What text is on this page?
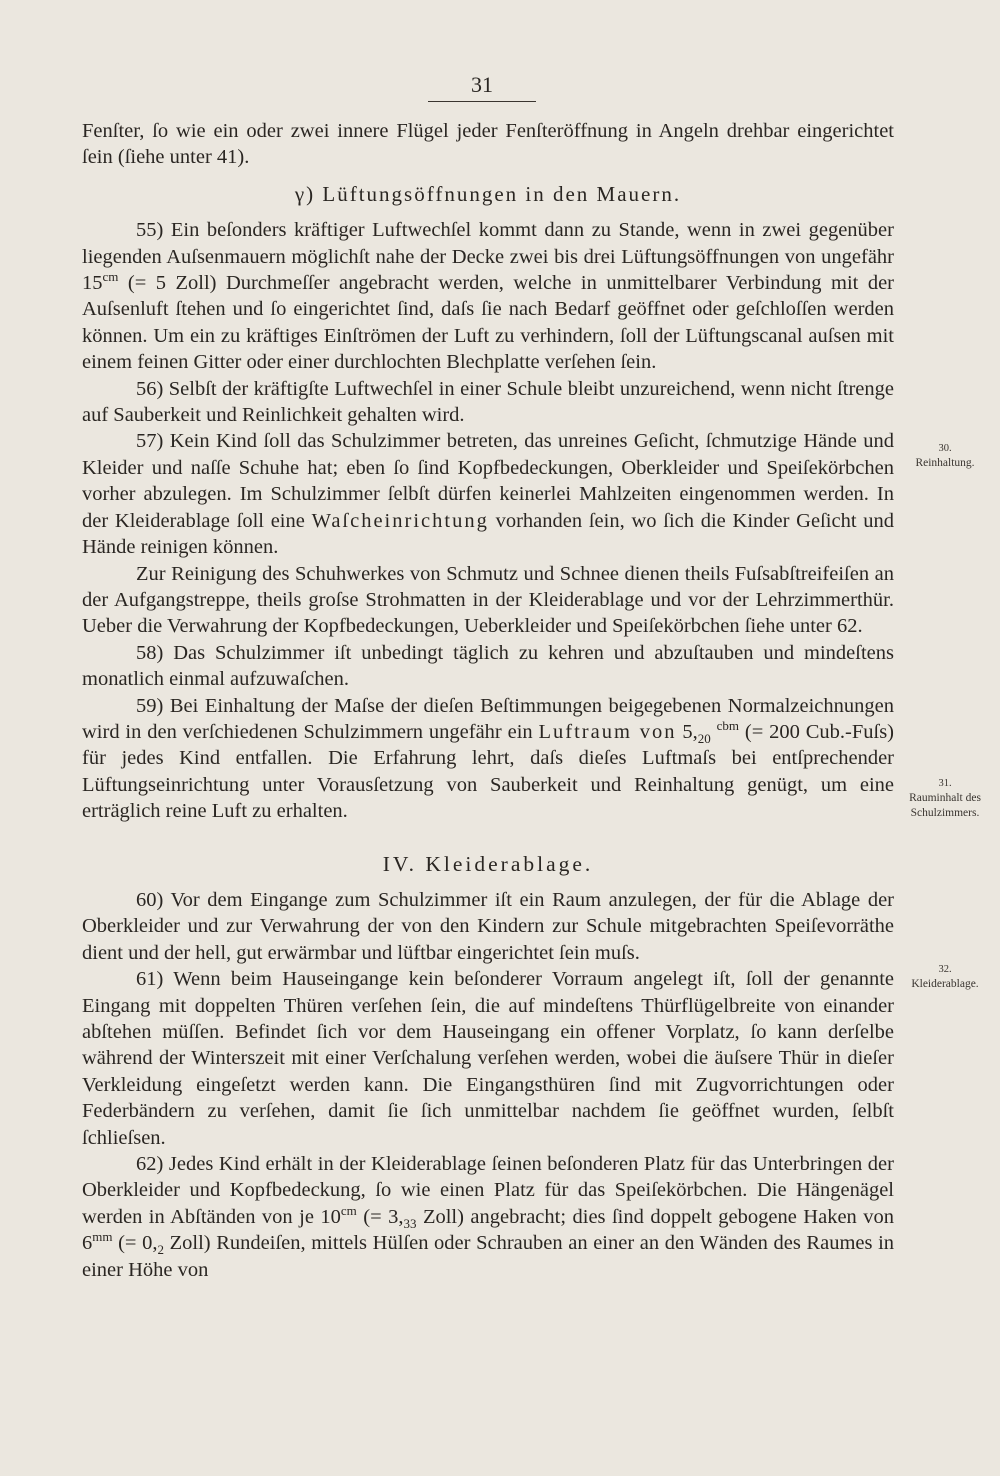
31
30.
Reinhaltung.
31.
Rauminhalt des Schulzimmers.
32.
Kleiderablage.

Fenſter, ſo wie ein oder zwei innere Flügel jeder Fenſteröffnung in Angeln drehbar eingerichtet ſein (ſiehe unter 41).

γ) Lüftungsöffnungen in den Mauern.

55) Ein beſonders kräftiger Luftwechſel kommt dann zu Stande, wenn in zwei gegenüber liegenden Auſsenmauern möglichſt nahe der Decke zwei bis drei Lüftungsöffnungen von ungefähr $15^{cm}$ (= 5 Zoll) Durchmeſſer angebracht werden, welche in unmittelbarer Verbindung mit der Auſsenluft ſtehen und ſo eingerichtet ſind, daſs ſie nach Bedarf geöffnet oder geſchloſſen werden können. Um ein zu kräftiges Einſtrömen der Luft zu verhindern, ſoll der Lüftungscanal auſsen mit einem feinen Gitter oder einer durchlochten Blechplatte verſehen ſein.

56) Selbſt der kräftigſte Luftwechſel in einer Schule bleibt unzureichend, wenn nicht ſtrenge auf Sauberkeit und Reinlichkeit gehalten wird.

57) Kein Kind ſoll das Schulzimmer betreten, das unreines Geſicht, ſchmutzige Hände und Kleider und naſſe Schuhe hat; eben ſo ſind Kopfbedeckungen, Oberkleider und Speiſekörbchen vorher abzulegen. Im Schulzimmer ſelbſt dürfen keinerlei Mahlzeiten eingenommen werden. In der Kleiderablage ſoll eine Waſcheinrichtung vorhanden ſein, wo ſich die Kinder Geſicht und Hände reinigen können.

Zur Reinigung des Schuhwerkes von Schmutz und Schnee dienen theils Fuſsabſtreifeiſen an der Aufgangstreppe, theils groſse Strohmatten in der Kleiderablage und vor der Lehrzimmerthür. Ueber die Verwahrung der Kopfbedeckungen, Ueberkleider und Speiſekörbchen ſiehe unter 62.

58) Das Schulzimmer iſt unbedingt täglich zu kehren und abzuſtauben und mindeſtens monatlich einmal aufzuwaſchen.

59) Bei Einhaltung der Maſse der dieſen Beſtimmungen beigegebenen Normalzeichnungen wird in den verſchiedenen Schulzimmern ungefähr ein Luftraum von $5,_{20}$ $^{cbm}$ (= 200 Cub.-Fuſs) für jedes Kind entfallen. Die Erfahrung lehrt, daſs dieſes Luftmaſs bei entſprechender Lüftungseinrichtung unter Vorausſetzung von Sauberkeit und Reinhaltung genügt, um eine erträglich reine Luft zu erhalten.

IV. Kleiderablage.

60) Vor dem Eingange zum Schulzimmer iſt ein Raum anzulegen, der für die Ablage der Oberkleider und zur Verwahrung der von den Kindern zur Schule mitgebrachten Speiſevorräthe dient und der hell, gut erwärmbar und lüftbar eingerichtet ſein muſs.

61) Wenn beim Hauseingange kein beſonderer Vorraum angelegt iſt, ſoll der genannte Eingang mit doppelten Thüren verſehen ſein, die auf mindeſtens Thürflügelbreite von einander abſtehen müſſen. Befindet ſich vor dem Hauseingang ein offener Vorplatz, ſo kann derſelbe während der Winterszeit mit einer Verſchalung verſehen werden, wobei die äuſsere Thür in dieſer Verkleidung eingeſetzt werden kann. Die Eingangsthüren ſind mit Zugvorrichtungen oder Federbändern zu verſehen, damit ſie ſich unmittelbar nachdem ſie geöffnet wurden, ſelbſt ſchlieſsen.

62) Jedes Kind erhält in der Kleiderablage ſeinen beſonderen Platz für das Unterbringen der Oberkleider und Kopfbedeckung, ſo wie einen Platz für das Speiſekörbchen. Die Hängenägel werden in Abſtänden von je $10^{cm}$ (= $3,_{33}$ Zoll) angebracht; dies ſind doppelt gebogene Haken von $6^{mm}$ (= $0,_2$ Zoll) Rundeiſen, mittels Hülſen oder Schrauben an einer an den Wänden des Raumes in einer Höhe von
